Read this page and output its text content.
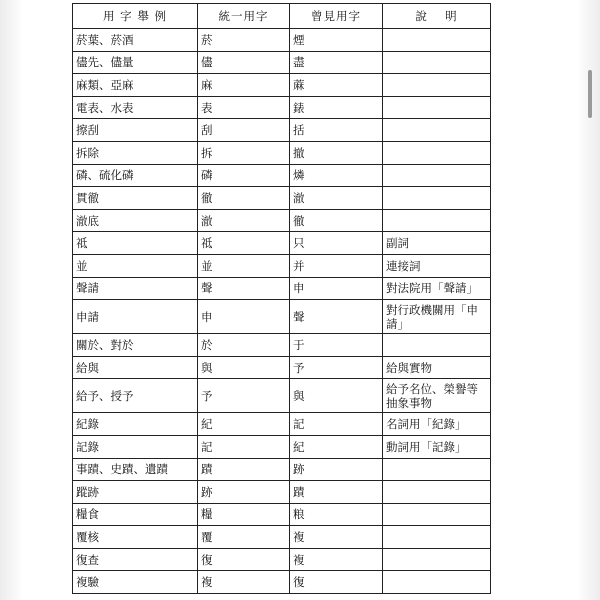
用 字 舉 例	統一用字	曾見用字	說　 明
菸葉、菸酒	菸	煙	
儘先、儘量	儘	盡	
麻類、亞麻	麻	蔴	
電表、水表	表	錶	
擦刮	刮	括	
拆除	拆	撤	
磷、硫化磷	磷	燐	
貫徹	徹	澈	
澈底	澈	徹	
祗	祗	只	副詞
並	並	并	連接詞
聲請	聲	申	對法院用「聲請」
申請	申	聲	對行政機關用「申請」
關於、對於	於	于	
給與	與	予	給與實物
給予、授予	予	與	給予名位、榮譽等抽象事物
紀錄	紀	記	名詞用「紀錄」
記錄	記	紀	動詞用「記錄」
事蹟、史蹟、遺蹟	蹟	跡	
蹤跡	跡	蹟	
糧食	糧	粮	
覆核	覆	複	
復查	復	複	
複驗	複	復	
